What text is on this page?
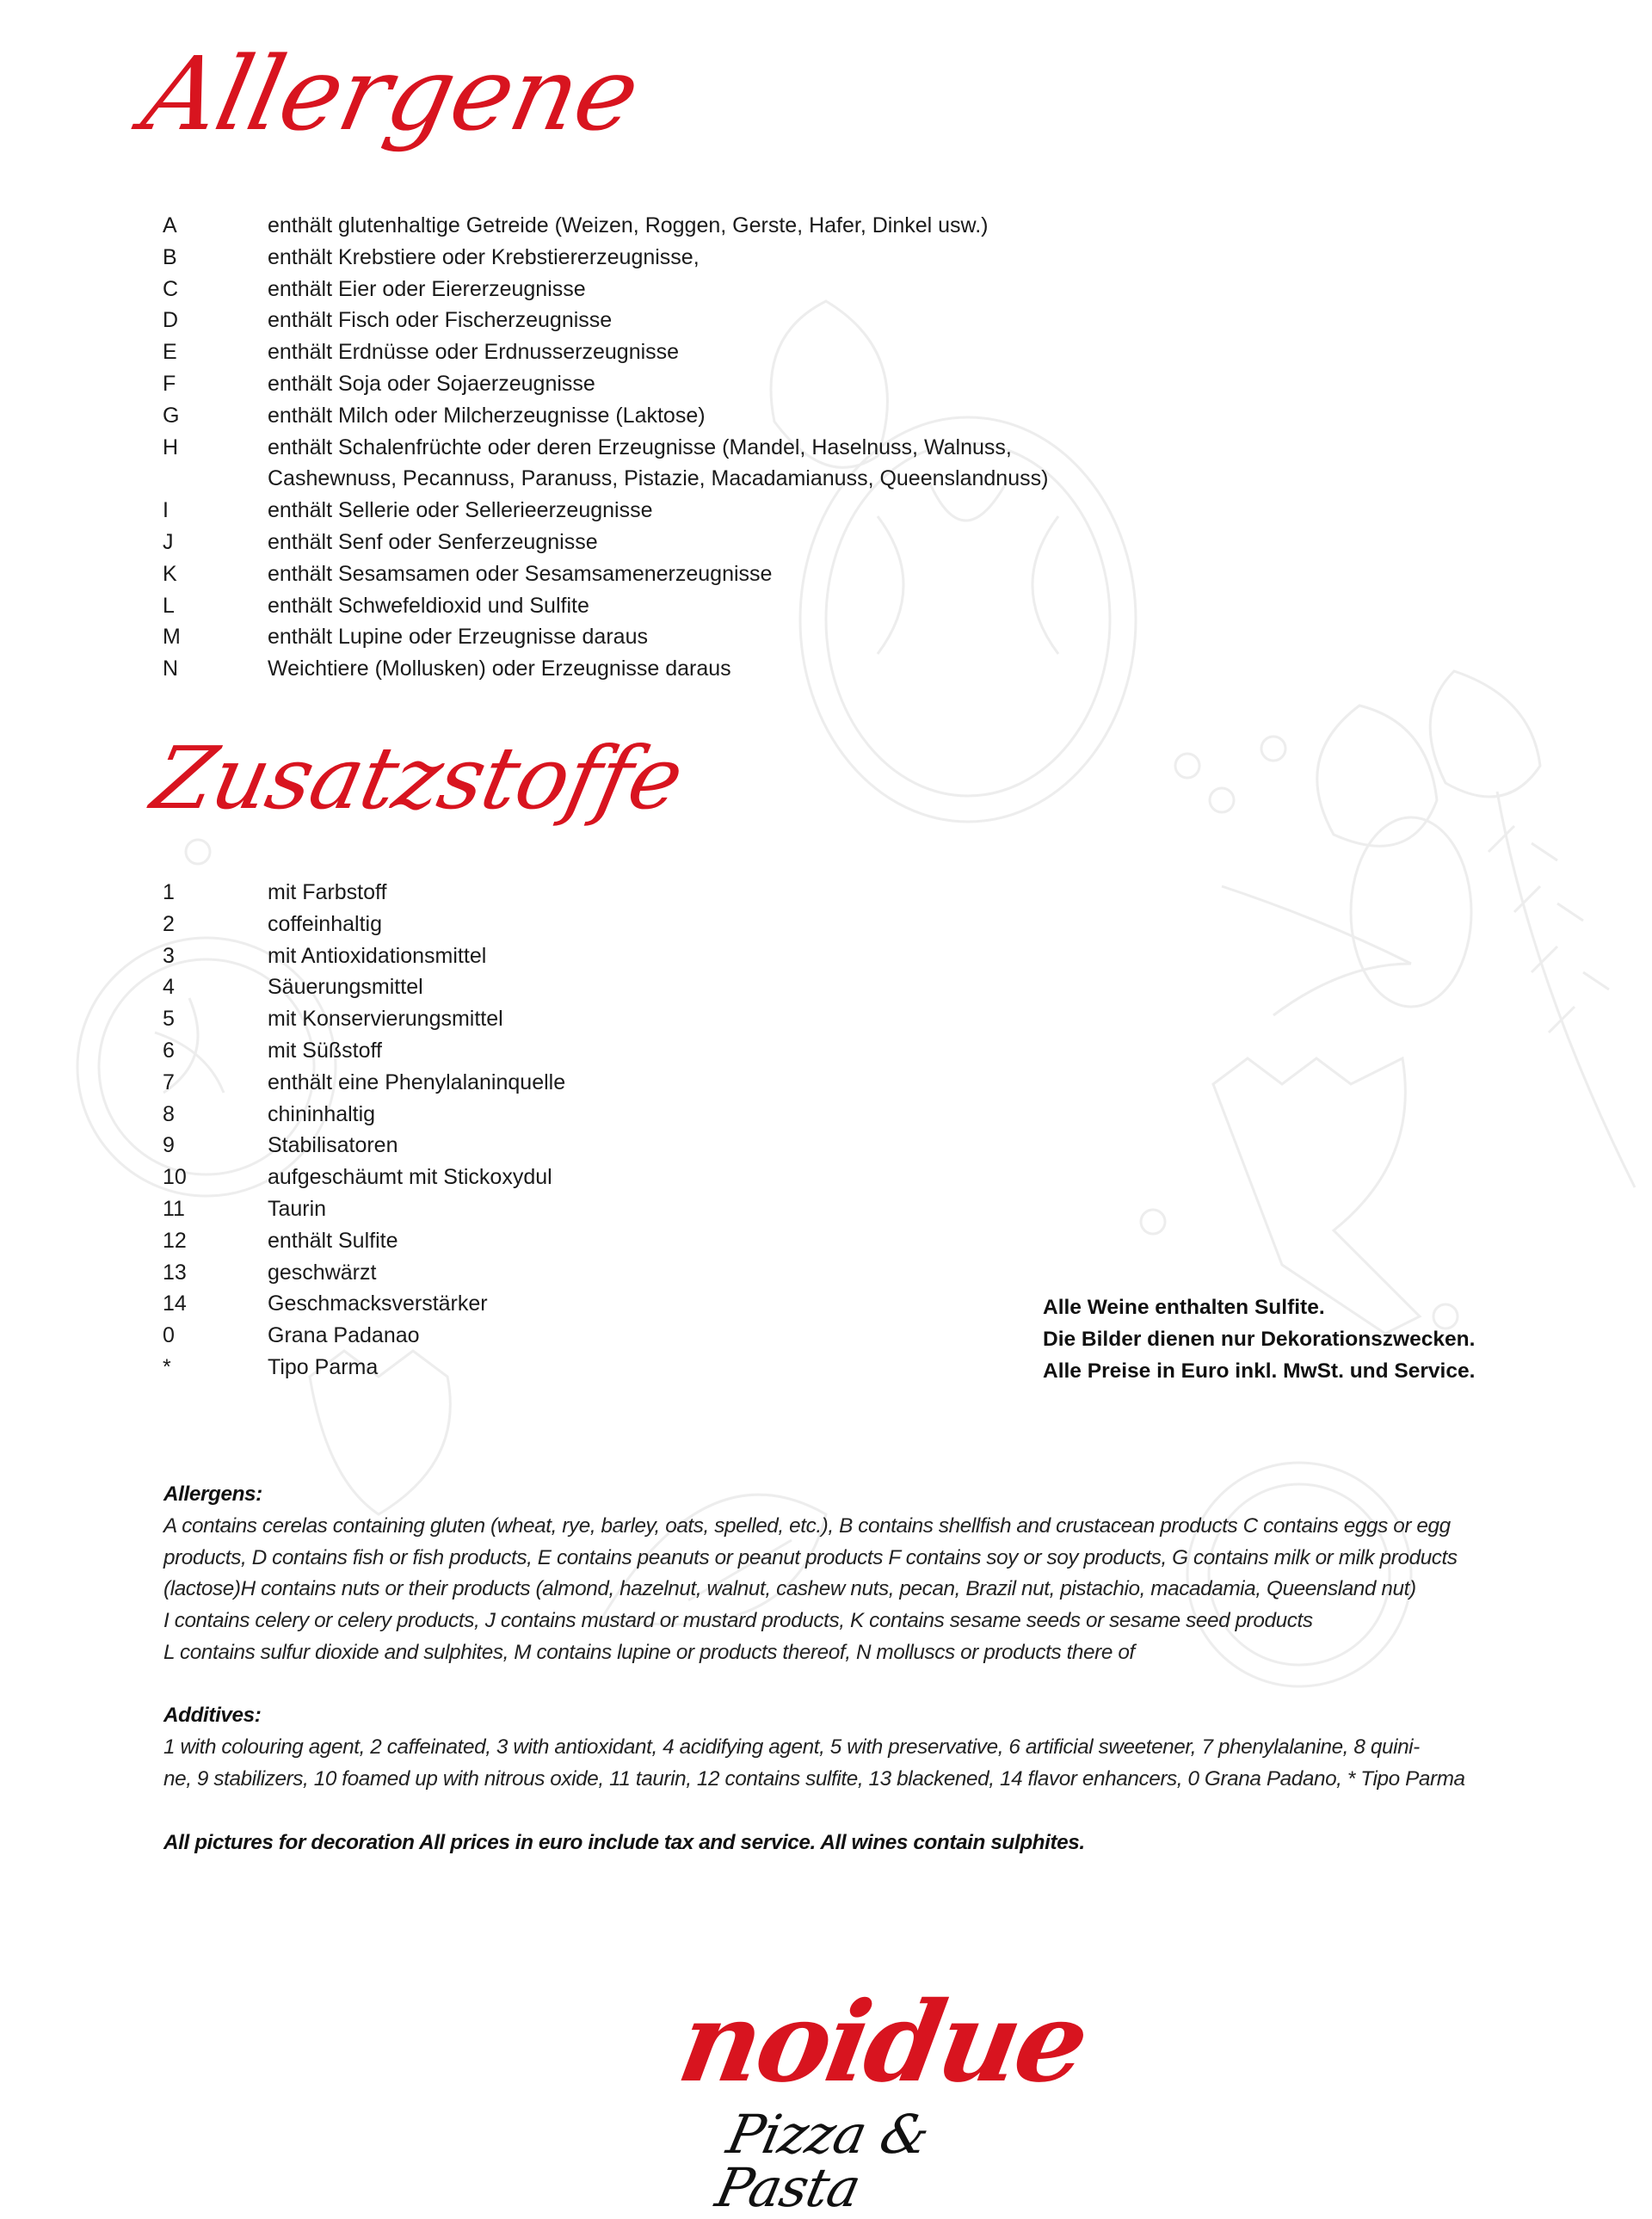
Allergene
A	enthält glutenhaltige Getreide (Weizen, Roggen, Gerste, Hafer, Dinkel usw.)
B	enthält Krebstiere oder Krebstiererzeugnisse,
C	enthält Eier oder Eiererzeugnisse
D	enthält Fisch oder Fischerzeugnisse
E	enthält Erdnüsse oder Erdnusserzeugnisse
F	enthält Soja oder Sojaerzeugnisse
G	enthält Milch oder Milcherzeugnisse (Laktose)
H	enthält Schalenfrüchte oder deren Erzeugnisse (Mandel, Haselnuss, Walnuss,
Cashewnuss, Pecannuss, Paranuss, Pistazie, Macadamianuss, Queenslandnuss)
I	enthält Sellerie oder Sellerieerzeugnisse
J	enthält Senf oder Senferzeugnisse
K	enthält Sesamsamen oder Sesamsamenerzeugnisse
L	enthält Schwefeldioxid und Sulfite
M	enthält Lupine oder Erzeugnisse daraus
N	Weichtiere (Mollusken) oder Erzeugnisse daraus
Zusatzstoffe
1	mit Farbstoff
2	coffeinhaltig
3	mit Antioxidationsmittel
4	Säuerungsmittel
5	mit Konservierungsmittel
6	mit Süßstoff
7	enthält eine Phenylalaninquelle
8	chininhaltig
9	Stabilisatoren
10	aufgeschäumt mit Stickoxydul
11	Taurin
12	enthält Sulfite
13	geschwärzt
14	Geschmacksverstärker
0	Grana Padanao
*	Tipo Parma
Alle Weine enthalten Sulfite.
Die Bilder dienen nur Dekorationszwecken.
Alle Preise in Euro inkl. MwSt. und Service.
Allergens:
A contains cerelas containing gluten (wheat, rye, barley, oats, spelled, etc.), B contains shellfish and crustacean products C contains eggs or egg
products, D contains fish or fish products, E contains peanuts or peanut products F contains soy or soy products, G contains milk or milk products
(lactose)H contains nuts or their products (almond, hazelnut, walnut, cashew nuts, pecan, Brazil nut, pistachio, macadamia, Queensland nut)
I contains celery or celery products, J contains mustard or mustard products, K contains sesame seeds or sesame seed products
L contains sulfur dioxide and sulphites, M contains lupine or products thereof, N molluscs or products there of
Additives:
1 with colouring agent, 2 caffeinated, 3 with antioxidant, 4 acidifying agent, 5 with preservative, 6 artificial sweetener, 7 phenylalanine, 8 quini-
ne, 9 stabilizers, 10 foamed up with nitrous oxide, 11 taurin, 12 contains sulfite, 13 blackened, 14 flavor enhancers, 0 Grana Padano, * Tipo Parma
All pictures for decoration All prices in euro include tax and service. All wines contain sulphites.
noidue
Pizza & Pasta
